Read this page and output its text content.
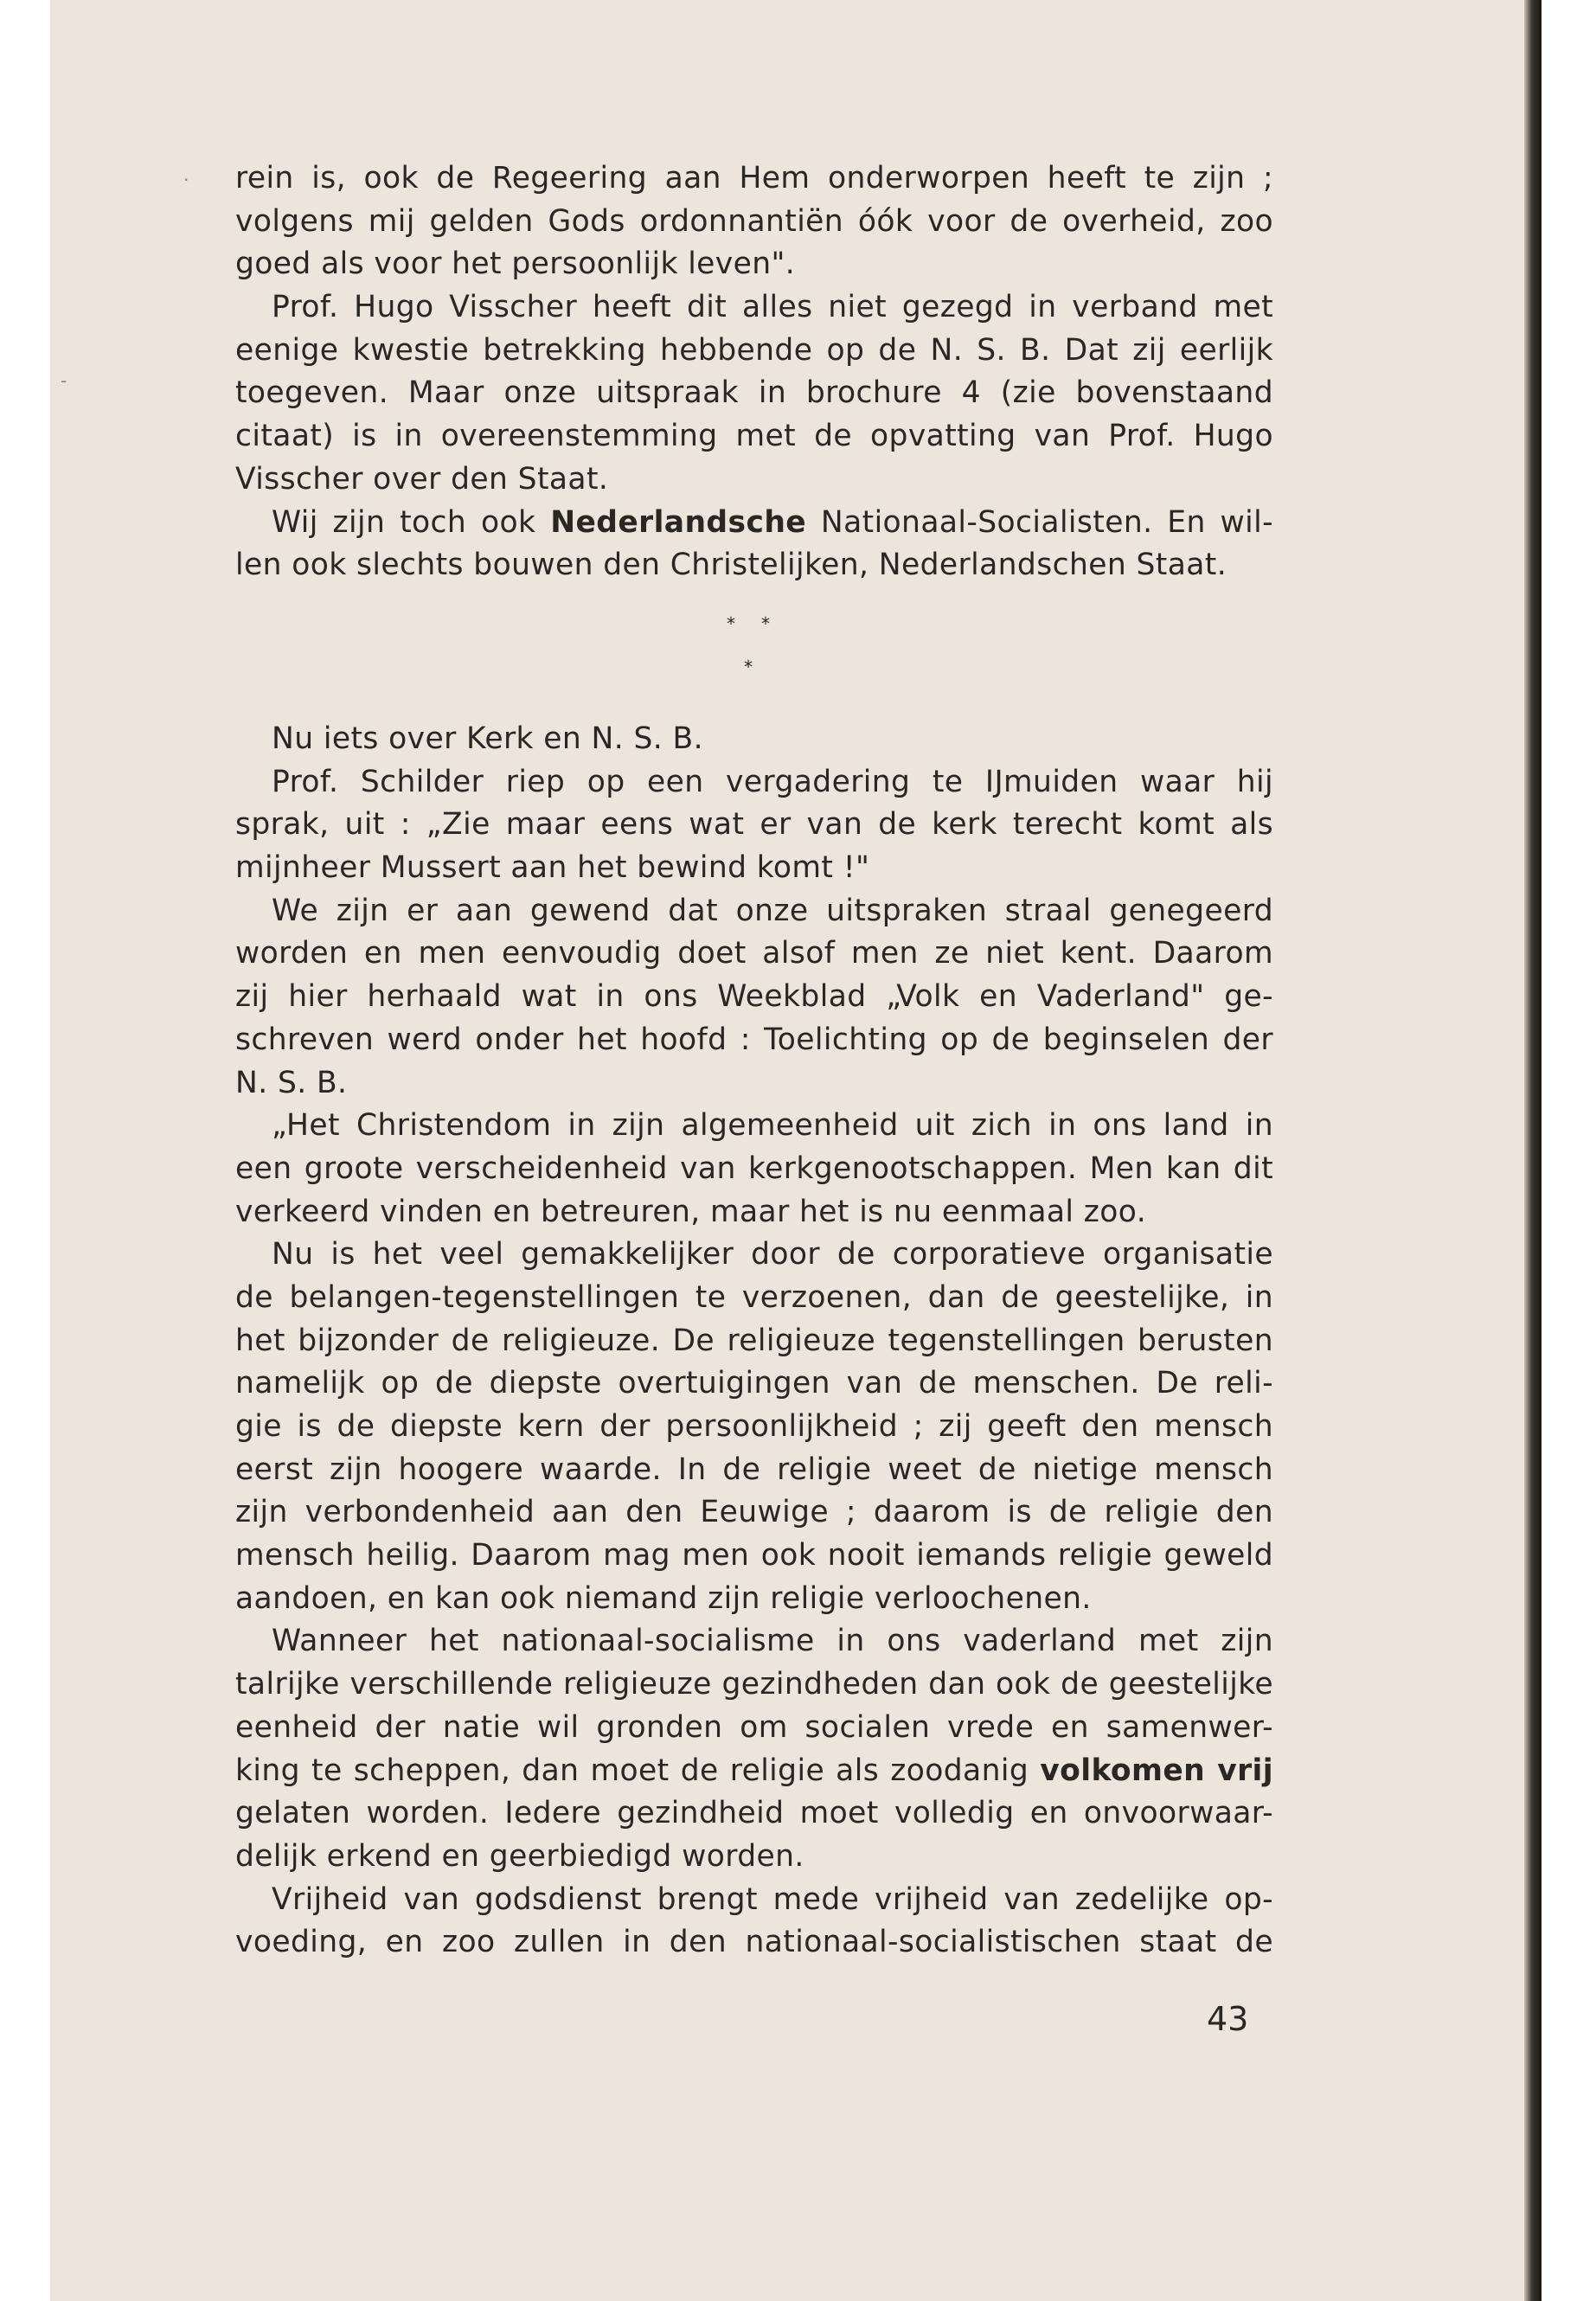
·
-
rein is, ook de Regeering aan Hem onderworpen heeft te zijn ;
volgens mij gelden Gods ordonnantiën óók voor de overheid, zoo
goed als voor het persoonlijk leven".
Prof. Hugo Visscher heeft dit alles niet gezegd in verband met
eenige kwestie betrekking hebbende op de N. S. B. Dat zij eerlijk
toegeven. Maar onze uitspraak in brochure 4 (zie bovenstaand
citaat) is in overeenstemming met de opvatting van Prof. Hugo
Visscher over den Staat.
Wij zijn toch ook Nederlandsche Nationaal-Socialisten. En wil-
len ook slechts bouwen den Christelijken, Nederlandschen Staat.
* *
*
Nu iets over Kerk en N. S. B.
Prof. Schilder riep op een vergadering te IJmuiden waar hij
sprak, uit : „Zie maar eens wat er van de kerk terecht komt als
mijnheer Mussert aan het bewind komt !"
We zijn er aan gewend dat onze uitspraken straal genegeerd
worden en men eenvoudig doet alsof men ze niet kent. Daarom
zij hier herhaald wat in ons Weekblad „Volk en Vaderland" ge-
schreven werd onder het hoofd : Toelichting op de beginselen der
N. S. B.
„Het Christendom in zijn algemeenheid uit zich in ons land in
een groote verscheidenheid van kerkgenootschappen. Men kan dit
verkeerd vinden en betreuren, maar het is nu eenmaal zoo.
Nu is het veel gemakkelijker door de corporatieve organisatie
de belangen-tegenstellingen te verzoenen, dan de geestelijke, in
het bijzonder de religieuze. De religieuze tegenstellingen berusten
namelijk op de diepste overtuigingen van de menschen. De reli-
gie is de diepste kern der persoonlijkheid ; zij geeft den mensch
eerst zijn hoogere waarde. In de religie weet de nietige mensch
zijn verbondenheid aan den Eeuwige ; daarom is de religie den
mensch heilig. Daarom mag men ook nooit iemands religie geweld
aandoen, en kan ook niemand zijn religie verloochenen.
Wanneer het nationaal-socialisme in ons vaderland met zijn
talrijke verschillende religieuze gezindheden dan ook de geestelijke
eenheid der natie wil gronden om socialen vrede en samenwer-
king te scheppen, dan moet de religie als zoodanig volkomen vrij
gelaten worden. Iedere gezindheid moet volledig en onvoorwaar-
delijk erkend en geerbiedigd worden.
Vrijheid van godsdienst brengt mede vrijheid van zedelijke op-
voeding, en zoo zullen in den nationaal-socialistischen staat de
43
